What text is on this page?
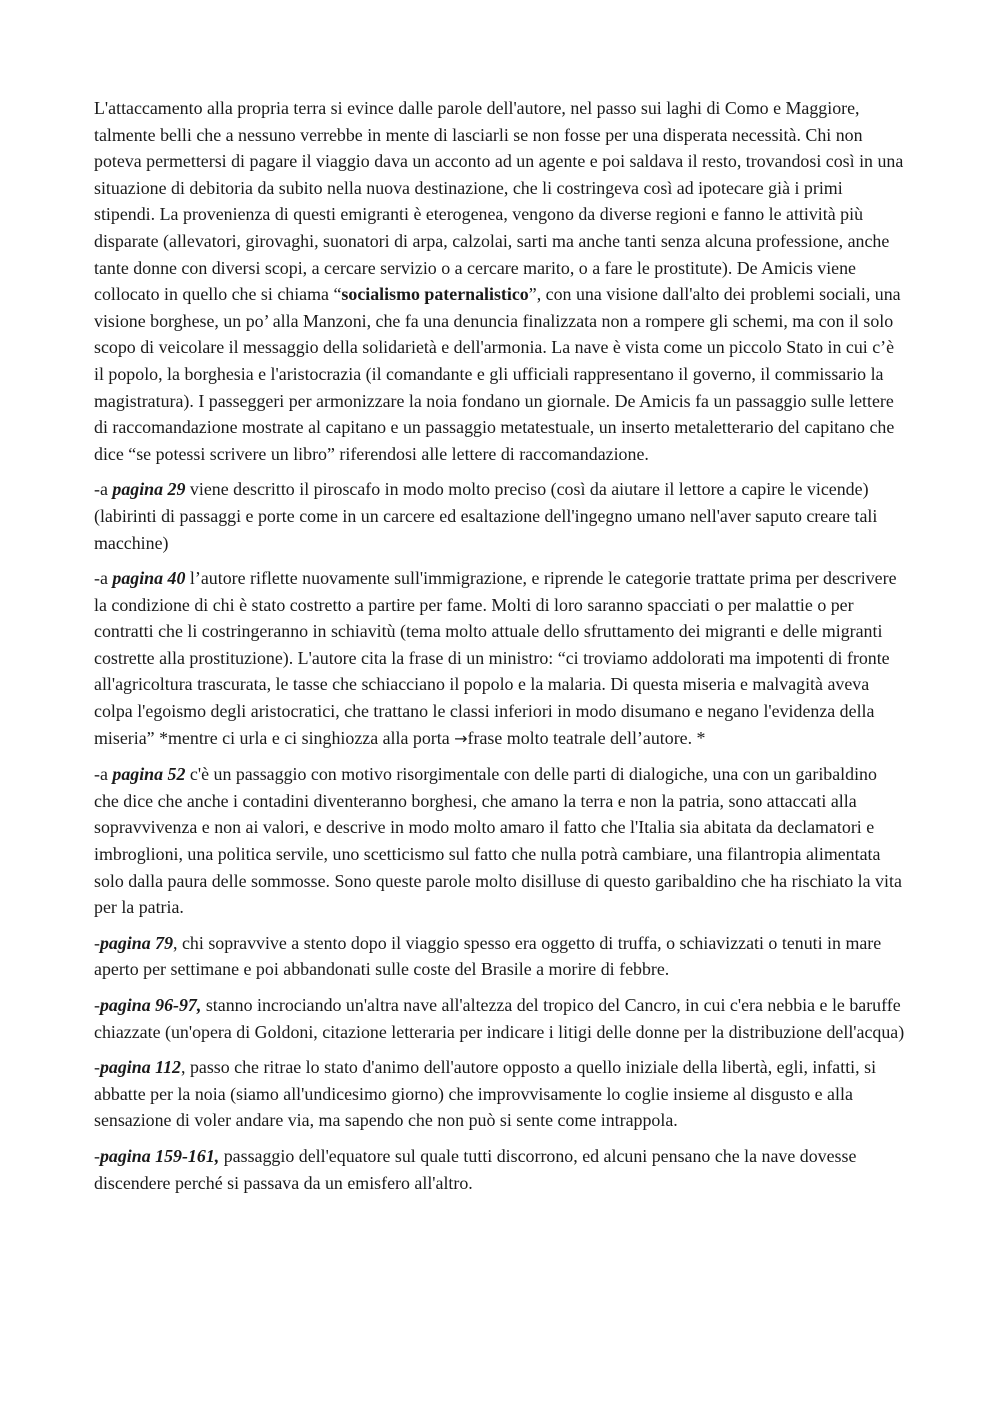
L'attaccamento alla propria terra si evince dalle parole dell'autore, nel passo sui laghi di Como e Maggiore, talmente belli che a nessuno verrebbe in mente di lasciarli se non fosse per una disperata necessità. Chi non poteva permettersi di pagare il viaggio dava un acconto ad un agente e poi saldava il resto, trovandosi così in una situazione di debitoria da subito nella nuova destinazione, che li costringeva così ad ipotecare già i primi stipendi. La provenienza di questi emigranti è eterogenea, vengono da diverse regioni e fanno le attività più disparate (allevatori, girovaghi, suonatori di arpa, calzolai, sarti ma anche tanti senza alcuna professione, anche tante donne con diversi scopi, a cercare servizio o a cercare marito, o a fare le prostitute). De Amicis viene collocato in quello che si chiama “socialismo paternalistico”, con una visione dall'alto dei problemi sociali, una visione borghese, un po’ alla Manzoni, che fa una denuncia finalizzata non a rompere gli schemi, ma con il solo scopo di veicolare il messaggio della solidarietà e dell'armonia. La nave è vista come un piccolo Stato in cui c’è il popolo, la borghesia e l'aristocrazia (il comandante e gli ufficiali rappresentano il governo, il commissario la magistratura). I passeggeri per armonizzare la noia fondano un giornale. De Amicis fa un passaggio sulle lettere di raccomandazione mostrate al capitano e un passaggio metatestuale, un inserto metaletterario del capitano che dice “se potessi scrivere un libro” riferendosi alle lettere di raccomandazione.

-a pagina 29 viene descritto il piroscafo in modo molto preciso (così da aiutare il lettore a capire le vicende) (labirinti di passaggi e porte come in un carcere ed esaltazione dell'ingegno umano nell'aver saputo creare tali macchine)

-a pagina 40 l’autore riflette nuovamente sull'immigrazione, e riprende le categorie trattate prima per descrivere la condizione di chi è stato costretto a partire per fame. Molti di loro saranno spacciati o per malattie o per contratti che li costringeranno in schiavitù (tema molto attuale dello sfruttamento dei migranti e delle migranti costrette alla prostituzione). L'autore cita la frase di un ministro: “ci troviamo addolorati ma impotenti di fronte all'agricoltura trascurata, le tasse che schiacciano il popolo e la malaria. Di questa miseria e malvagità aveva colpa l'egoismo degli aristocratici, che trattano le classi inferiori in modo disumano e negano l'evidenza della miseria” *mentre ci urla e ci singhiozza alla porta →frase molto teatrale dell’autore. *

-a pagina 52 c'è un passaggio con motivo risorgimentale con delle parti di dialogiche, una con un garibaldino che dice che anche i contadini diventeranno borghesi, che amano la terra e non la patria, sono attaccati alla sopravvivenza e non ai valori, e descrive in modo molto amaro il fatto che l'Italia sia abitata da declamatori e imbroglioni, una politica servile, uno scetticismo sul fatto che nulla potrà cambiare, una filantropia alimentata solo dalla paura delle sommosse. Sono queste parole molto disilluse di questo garibaldino che ha rischiato la vita per la patria.

-pagina 79, chi sopravvive a stento dopo il viaggio spesso era oggetto di truffa, o schiavizzati o tenuti in mare aperto per settimane e poi abbandonati sulle coste del Brasile a morire di febbre.

-pagina 96-97, stanno incrociando un'altra nave all'altezza del tropico del Cancro, in cui c'era nebbia e le baruffe chiazzate (un'opera di Goldoni, citazione letteraria per indicare i litigi delle donne per la distribuzione dell'acqua)

-pagina 112, passo che ritrae lo stato d'animo dell'autore opposto a quello iniziale della libertà, egli, infatti, si abbatte per la noia (siamo all'undicesimo giorno) che improvvisamente lo coglie insieme al disgusto e alla sensazione di voler andare via, ma sapendo che non può si sente come intrappola.

-pagina 159-161, passaggio dell'equatore sul quale tutti discorrono, ed alcuni pensano che la nave dovesse discendere perché si passava da un emisfero all'altro.
